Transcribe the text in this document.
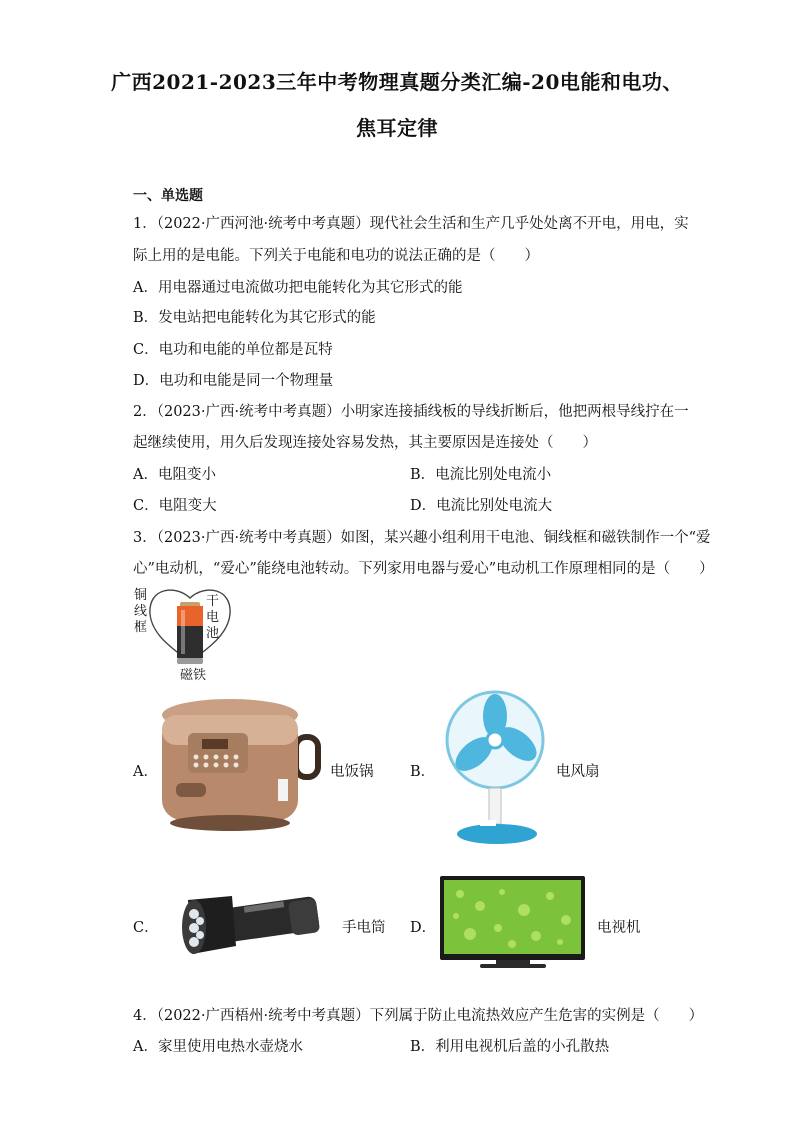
广西2021-2023三年中考物理真题分类汇编-20电能和电功、
焦耳定律
一、单选题
1．（2022·广西河池·统考中考真题）现代社会生活和生产几乎处处离不开电，用电，实
际上用的是电能。下列关于电能和电功的说法正确的是（　　）
A．用电器通过电流做功把电能转化为其它形式的能
B．发电站把电能转化为其它形式的能
C．电功和电能的单位都是瓦特
D．电功和电能是同一个物理量
2．（2023·广西·统考中考真题）小明家连接插线板的导线折断后，他把两根导线拧在一
起继续使用，用久后发现连接处容易发热，其主要原因是连接处（　　）
A．电阻变小	B．电流比别处电流小
C．电阻变大	D．电流比别处电流大
3．（2023·广西·统考中考真题）如图，某兴趣小组利用干电池、铜线框和磁铁制作一个“爱
心”电动机，“爱心”能绕电池转动。下列家用电器与爱心”电动机工作原理相同的是（　　）
铜线框
干电池
磁铁
A．	电饭锅	B．	电风扇
C．	手电筒 D．	电视机
4．（2022·广西梧州·统考中考真题）下列属于防止电流热效应产生危害的实例是（　　）
A．家里使用电热水壶烧水	B．利用电视机后盖的小孔散热
